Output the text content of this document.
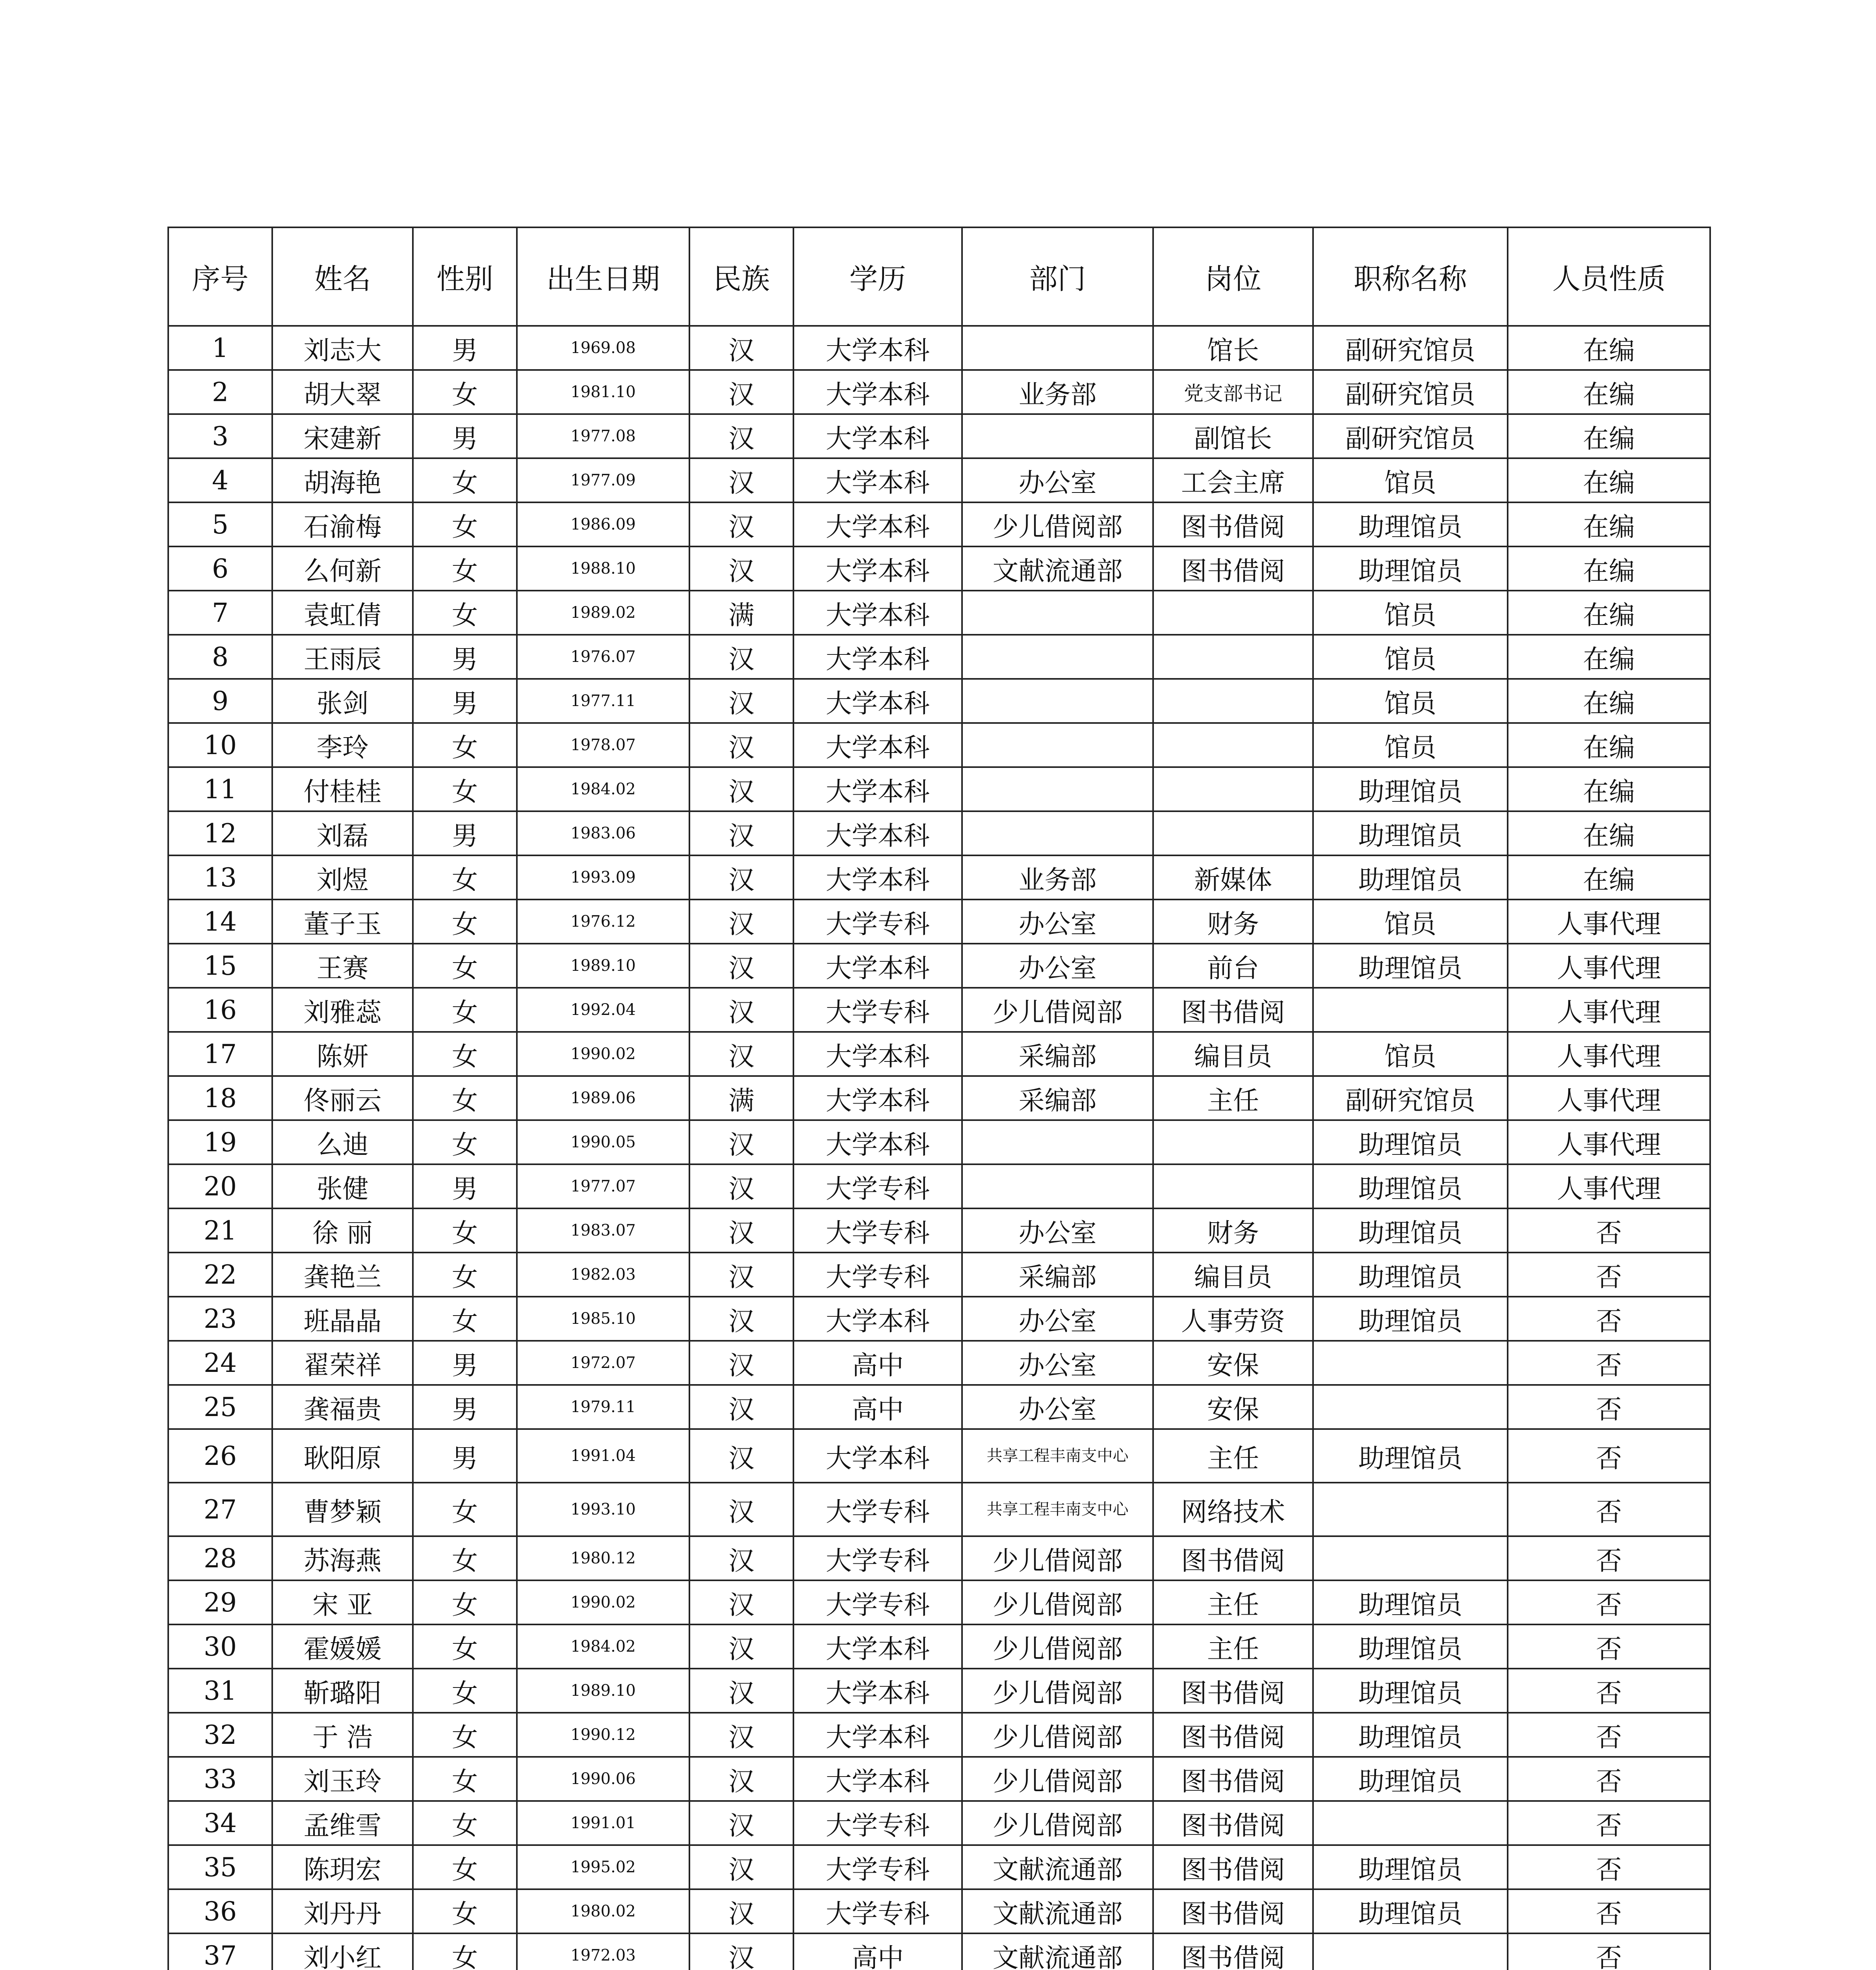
序号	姓名	性别	出生日期	民族	学历	部门	岗位	职称名称	人员性质
1	刘志大	男	1969.08	汉	大学本科		馆长	副研究馆员	在编
2	胡大翠	女	1981.10	汉	大学本科	业务部	党支部书记	副研究馆员	在编
3	宋建新	男	1977.08	汉	大学本科		副馆长	副研究馆员	在编
4	胡海艳	女	1977.09	汉	大学本科	办公室	工会主席	馆员	在编
5	石渝梅	女	1986.09	汉	大学本科	少儿借阅部	图书借阅	助理馆员	在编
6	么何新	女	1988.10	汉	大学本科	文献流通部	图书借阅	助理馆员	在编
7	袁虹倩	女	1989.02	满	大学本科			馆员	在编
8	王雨辰	男	1976.07	汉	大学本科			馆员	在编
9	张剑	男	1977.11	汉	大学本科			馆员	在编
10	李玲	女	1978.07	汉	大学本科			馆员	在编
11	付桂桂	女	1984.02	汉	大学本科			助理馆员	在编
12	刘磊	男	1983.06	汉	大学本科			助理馆员	在编
13	刘煜	女	1993.09	汉	大学本科	业务部	新媒体	助理馆员	在编
14	董子玉	女	1976.12	汉	大学专科	办公室	财务	馆员	人事代理
15	王赛	女	1989.10	汉	大学本科	办公室	前台	助理馆员	人事代理
16	刘雅蕊	女	1992.04	汉	大学专科	少儿借阅部	图书借阅		人事代理
17	陈妍	女	1990.02	汉	大学本科	采编部	编目员	馆员	人事代理
18	佟丽云	女	1989.06	满	大学本科	采编部	主任	副研究馆员	人事代理
19	么迪	女	1990.05	汉	大学本科			助理馆员	人事代理
20	张健	男	1977.07	汉	大学专科			助理馆员	人事代理
21	徐 丽	女	1983.07	汉	大学专科	办公室	财务	助理馆员	否
22	龚艳兰	女	1982.03	汉	大学专科	采编部	编目员	助理馆员	否
23	班晶晶	女	1985.10	汉	大学本科	办公室	人事劳资	助理馆员	否
24	翟荣祥	男	1972.07	汉	高中	办公室	安保		否
25	龚福贵	男	1979.11	汉	高中	办公室	安保		否
26	耿阳原	男	1991.04	汉	大学本科	共享工程丰南支中心	主任	助理馆员	否
27	曹梦颖	女	1993.10	汉	大学专科	共享工程丰南支中心	网络技术		否
28	苏海燕	女	1980.12	汉	大学专科	少儿借阅部	图书借阅		否
29	宋 亚	女	1990.02	汉	大学专科	少儿借阅部	主任	助理馆员	否
30	霍媛媛	女	1984.02	汉	大学本科	少儿借阅部	主任	助理馆员	否
31	靳璐阳	女	1989.10	汉	大学本科	少儿借阅部	图书借阅	助理馆员	否
32	于 浩	女	1990.12	汉	大学本科	少儿借阅部	图书借阅	助理馆员	否
33	刘玉玲	女	1990.06	汉	大学本科	少儿借阅部	图书借阅	助理馆员	否
34	孟维雪	女	1991.01	汉	大学专科	少儿借阅部	图书借阅		否
35	陈玥宏	女	1995.02	汉	大学专科	文献流通部	图书借阅	助理馆员	否
36	刘丹丹	女	1980.02	汉	大学专科	文献流通部	图书借阅	助理馆员	否
37	刘小红	女	1972.03	汉	高中	文献流通部	图书借阅		否
